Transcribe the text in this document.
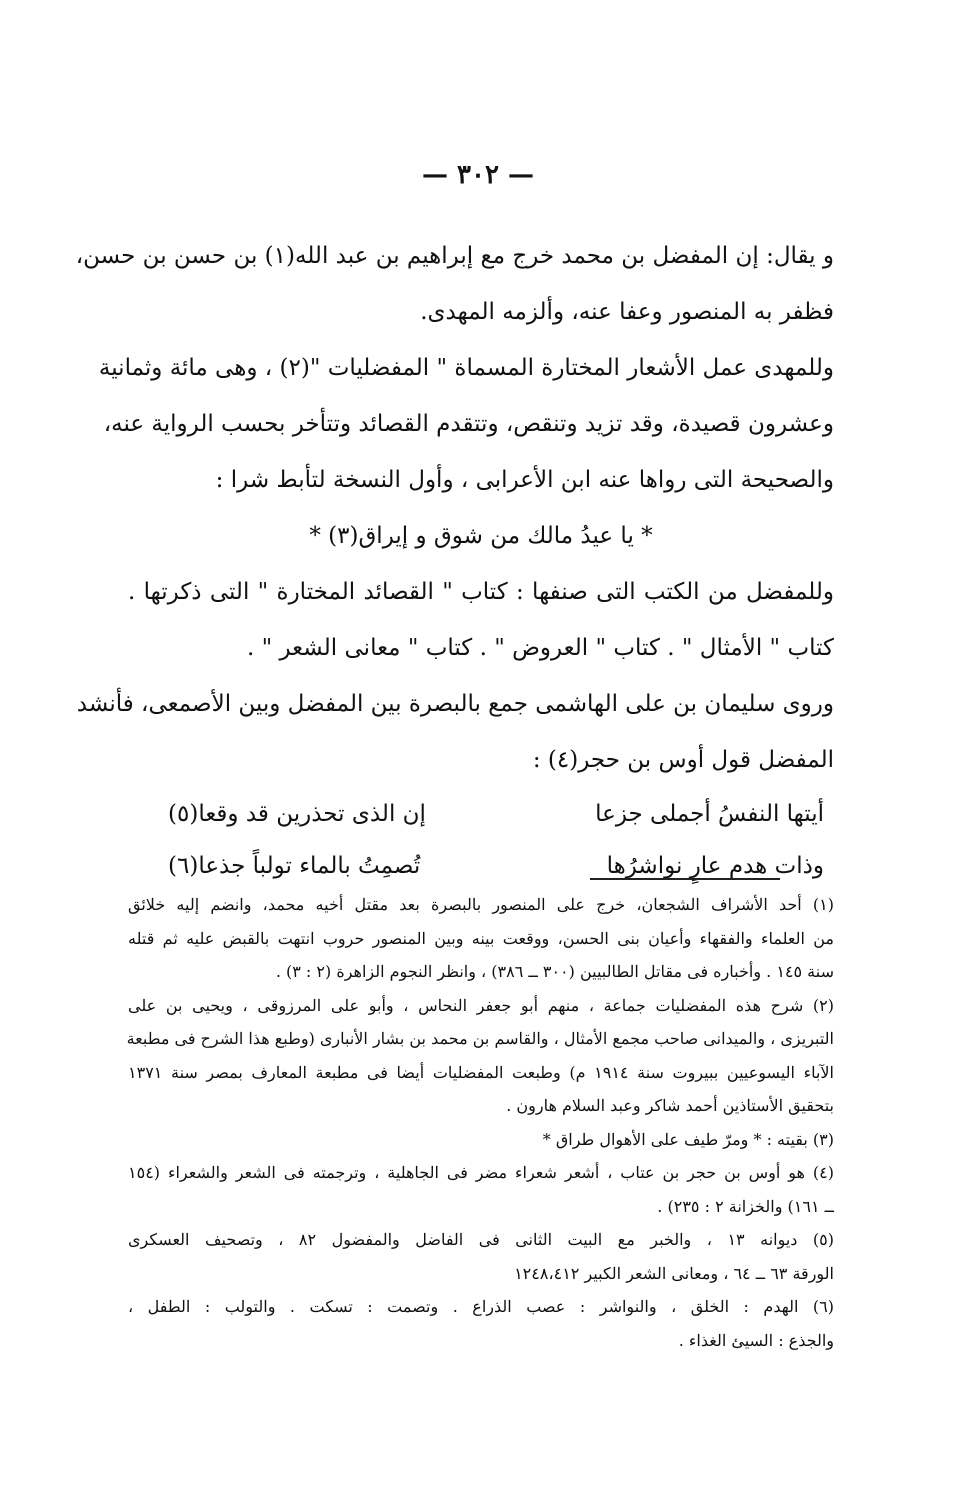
— ٣٠٢ —
و يقال: إن المفضل بن محمد خرج مع إبراهيم بن عبد الله(١) بن حسن بن حسن،
فظفر به المنصور وعفا عنه، وألزمه المهدى.
وللمهدى عمل الأشعار المختارة المسماة " المفضليات "(٢) ، وهى مائة وثمانية
وعشرون قصيدة، وقد تزيد وتنقص، وتتقدم القصائد وتتأخر بحسب الرواية عنه،
والصحيحة التى رواها عنه ابن الأعرابى ، وأول النسخة لتأبط شرا :
* يا عيدُ مالك من شوق و إيراق(٣) *
وللمفضل من الكتب التى صنفها : كتاب " القصائد المختارة " التى ذكرتها .
كتاب " الأمثال " . كتاب " العروض " . كتاب " معانى الشعر " .
وروى سليمان بن على الهاشمى جمع بالبصرة بين المفضل وبين الأصمعى، فأنشد
المفضل قول أوس بن حجر(٤) :
أيتها النفسُ أجملى جزعا
إن الذى تحذرين قد وقعا(٥)
وذات هدم عارٍ نواشرُها
تُصمِتُ بالماء تولباً جذعا(٦)
(١) أحد الأشراف الشجعان، خرج على المنصور بالبصرة بعد مقتل أخيه محمد، وانضم إليه خلائق
من العلماء والفقهاء وأعيان بنى الحسن، ووقعت بينه وبين المنصور حروب انتهت بالقبض عليه ثم قتله
سنة ١٤٥ . وأخباره فى مقاتل الطالبيين (٣٠٠ ــ ٣٨٦) ، وانظر النجوم الزاهرة (٢ : ٣) .
(٢) شرح هذه المفضليات جماعة ، منهم أبو جعفر النحاس ، وأبو على المرزوقى ، ويحيى بن على
التبريزى ، والميدانى صاحب مجمع الأمثال ، والقاسم بن محمد بن بشار الأنبارى (وطبع هذا الشرح فى مطبعة
الآباء اليسوعيين ببيروت سنة ١٩١٤ م) وطبعت المفضليات أيضا فى مطبعة المعارف بمصر سنة ١٣٧١
بتحقيق الأستاذين أحمد شاكر وعبد السلام هارون .
(٣) بقيته : * ومرّ طيف على الأهوال طراق *
(٤) هو أوس بن حجر بن عتاب ، أشعر شعراء مضر فى الجاهلية ، وترجمته فى الشعر والشعراء (١٥٤
ــ ١٦١) والخزانة ٢ : ٢٣٥) .
(٥) ديوانه ١٣ ، والخبر مع البيت الثانى فى الفاضل والمفضول ٨٢ ، وتصحيف العسكرى
الورقة ٦٣ ــ ٦٤ ، ومعانى الشعر الكبير ١٢٤٨،٤١٢
(٦) الهدم : الخلق ، والنواشر : عصب الذراع . وتصمت : تسكت . والتولب : الطفل ،
والجذع : السيئ الغذاء .
